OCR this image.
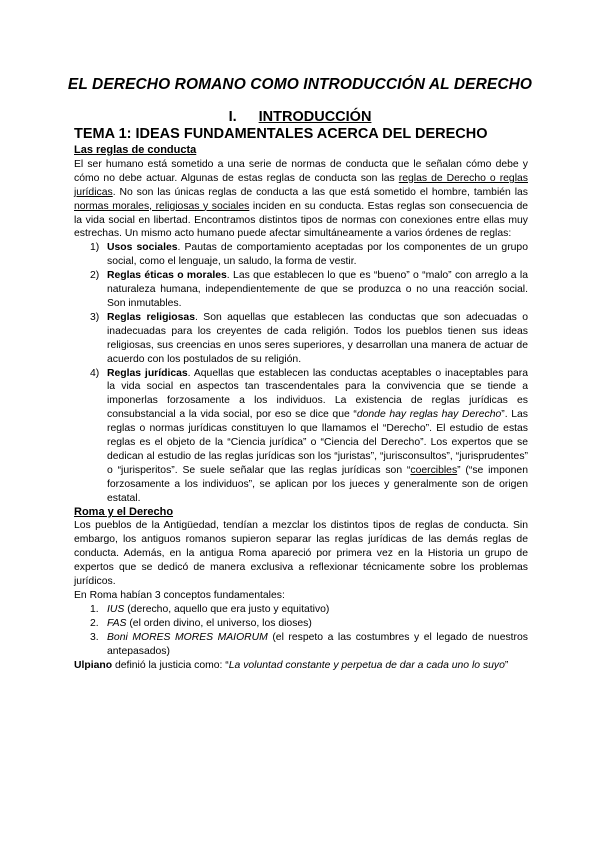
EL DERECHO ROMANO COMO INTRODUCCIÓN AL DERECHO
I. INTRODUCCIÓN
TEMA 1: IDEAS FUNDAMENTALES ACERCA DEL DERECHO

Las reglas de conducta

El ser humano está sometido a una serie de normas de conducta que le señalan cómo debe y cómo no debe actuar. Algunas de estas reglas de conducta son las reglas de Derecho o reglas jurídicas. No son las únicas reglas de conducta a las que está sometido el hombre, también las normas morales, religiosas y sociales inciden en su conducta. Estas reglas son consecuencia de la vida social en libertad. Encontramos distintos tipos de normas con conexiones entre ellas muy estrechas. Un mismo acto humano puede afectar simultáneamente a varios órdenes de reglas:

1) Usos sociales. Pautas de comportamiento aceptadas por los componentes de un grupo social, como el lenguaje, un saludo, la forma de vestir.
2) Reglas éticas o morales. Las que establecen lo que es “bueno” o “malo” con arreglo a la naturaleza humana, independientemente de que se produzca o no una reacción social. Son inmutables.
3) Reglas religiosas. Son aquellas que establecen las conductas que son adecuadas o inadecuadas para los creyentes de cada religión. Todos los pueblos tienen sus ideas religiosas, sus creencias en unos seres superiores, y desarrollan una manera de actuar de acuerdo con los postulados de su religión.
4) Reglas jurídicas. Aquellas que establecen las conductas aceptables o inaceptables para la vida social en aspectos tan trascendentales para la convivencia que se tiende a imponerlas forzosamente a los individuos. La existencia de reglas jurídicas es consubstancial a la vida social, por eso se dice que “donde hay reglas hay Derecho”. Las reglas o normas jurídicas constituyen lo que llamamos el “Derecho”. El estudio de estas reglas es el objeto de la “Ciencia jurídica” o “Ciencia del Derecho”. Los expertos que se dedican al estudio de las reglas jurídicas son los “juristas”, “jurisconsultos”, “jurisprudentes” o “jurisperitos”. Se suele señalar que las reglas jurídicas son “coercibles” (“se imponen forzosamente a los individuos”, se aplican por los jueces y generalmente son de origen estatal.

Roma y el Derecho

Los pueblos de la Antigüedad, tendían a mezclar los distintos tipos de reglas de conducta. Sin embargo, los antiguos romanos supieron separar las reglas jurídicas de las demás reglas de conducta. Además, en la antigua Roma apareció por primera vez en la Historia un grupo de expertos que se dedicó de manera exclusiva a reflexionar técnicamente sobre los problemas jurídicos.

En Roma habían 3 conceptos fundamentales:

1. IUS (derecho, aquello que era justo y equitativo)
2. FAS (el orden divino, el universo, los dioses)
3. Boni MORES MORES MAIORUM (el respeto a las costumbres y el legado de nuestros antepasados)

Ulpiano definió la justicia como: “La voluntad constante y perpetua de dar a cada uno lo suyo”
